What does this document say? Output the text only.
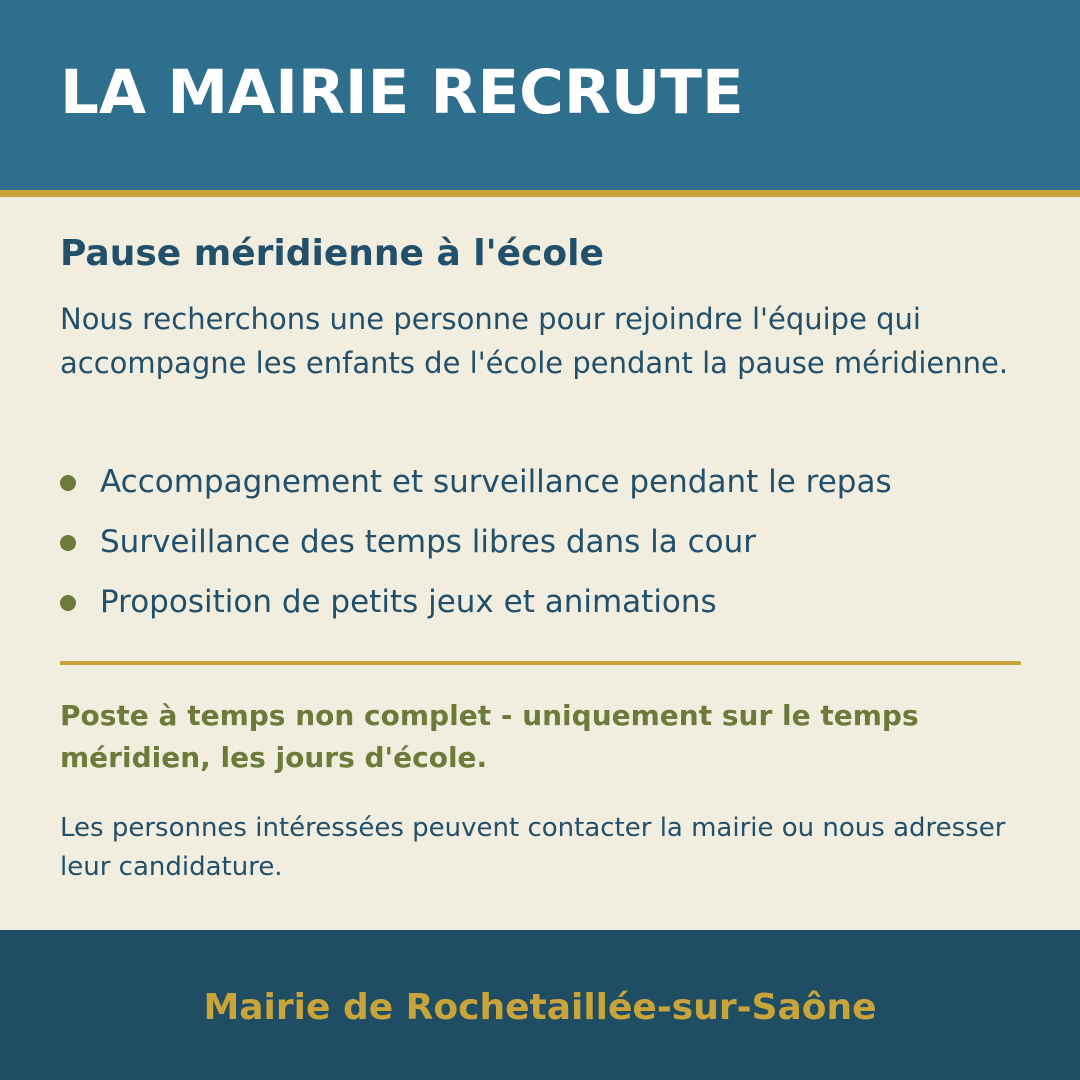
LA MAIRIE RECRUTE
Pause méridienne à l'école

Nous recherchons une personne pour rejoindre l'équipe qui accompagne les enfants de l'école pendant la pause méridienne.

Accompagnement et surveillance pendant le repas
Surveillance des temps libres dans la cour
Proposition de petits jeux et animations

Poste à temps non complet - uniquement sur le temps méridien, les jours d'école.

Les personnes intéressées peuvent contacter la mairie ou nous adresser leur candidature.

Mairie de Rochetaillée-sur-Saône
